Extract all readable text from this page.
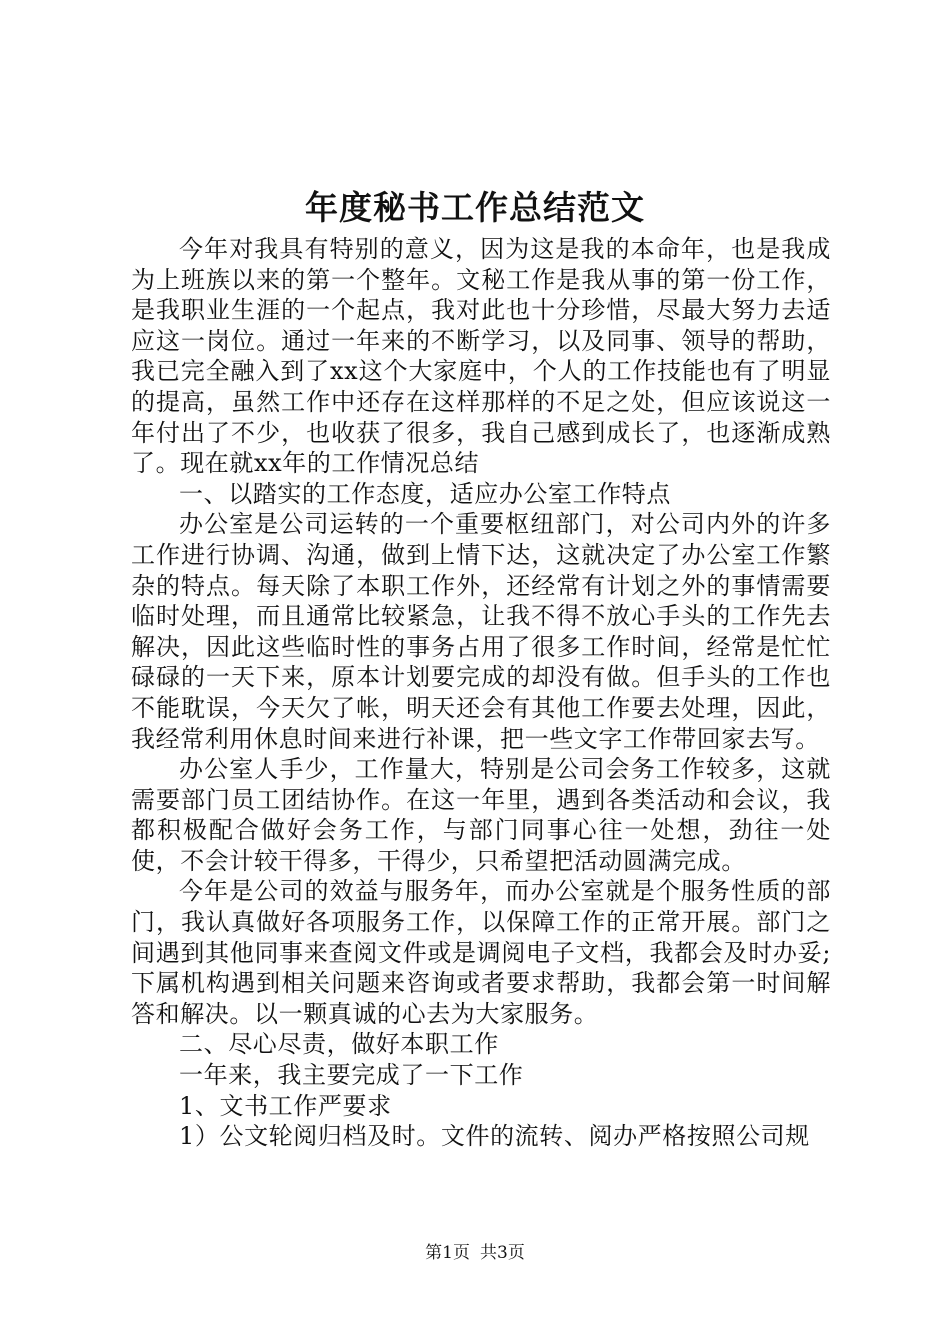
年度秘书工作总结范文

今年对我具有特别的意义，因为这是我的本命年，也是我成为上班族以来的第一个整年。文秘工作是我从事的第一份工作，是我职业生涯的一个起点，我对此也十分珍惜，尽最大努力去适应这一岗位。通过一年来的不断学习，以及同事、领导的帮助，我已完全融入到了xx这个大家庭中，个人的工作技能也有了明显的提高，虽然工作中还存在这样那样的不足之处，但应该说这一年付出了不少，也收获了很多，我自己感到成长了，也逐渐成熟了。现在就xx年的工作情况总结

一、以踏实的工作态度，适应办公室工作特点

办公室是公司运转的一个重要枢纽部门，对公司内外的许多工作进行协调、沟通，做到上情下达，这就决定了办公室工作繁杂的特点。每天除了本职工作外，还经常有计划之外的事情需要临时处理，而且通常比较紧急，让我不得不放心手头的工作先去解决，因此这些临时性的事务占用了很多工作时间，经常是忙忙碌碌的一天下来，原本计划要完成的却没有做。但手头的工作也不能耽误，今天欠了帐，明天还会有其他工作要去处理，因此，我经常利用休息时间来进行补课，把一些文字工作带回家去写。

办公室人手少，工作量大，特别是公司会务工作较多，这就需要部门员工团结协作。在这一年里，遇到各类活动和会议，我都积极配合做好会务工作，与部门同事心往一处想，劲往一处使，不会计较干得多，干得少，只希望把活动圆满完成。

今年是公司的效益与服务年，而办公室就是个服务性质的部门，我认真做好各项服务工作，以保障工作的正常开展。部门之间遇到其他同事来查阅文件或是调阅电子文档，我都会及时办妥;下属机构遇到相关问题来咨询或者要求帮助，我都会第一时间解答和解决。以一颗真诚的心去为大家服务。

二、尽心尽责，做好本职工作

一年来，我主要完成了一下工作

1、文书工作严要求

1）公文轮阅归档及时。文件的流转、阅办严格按照公司规

第1页 共3页
